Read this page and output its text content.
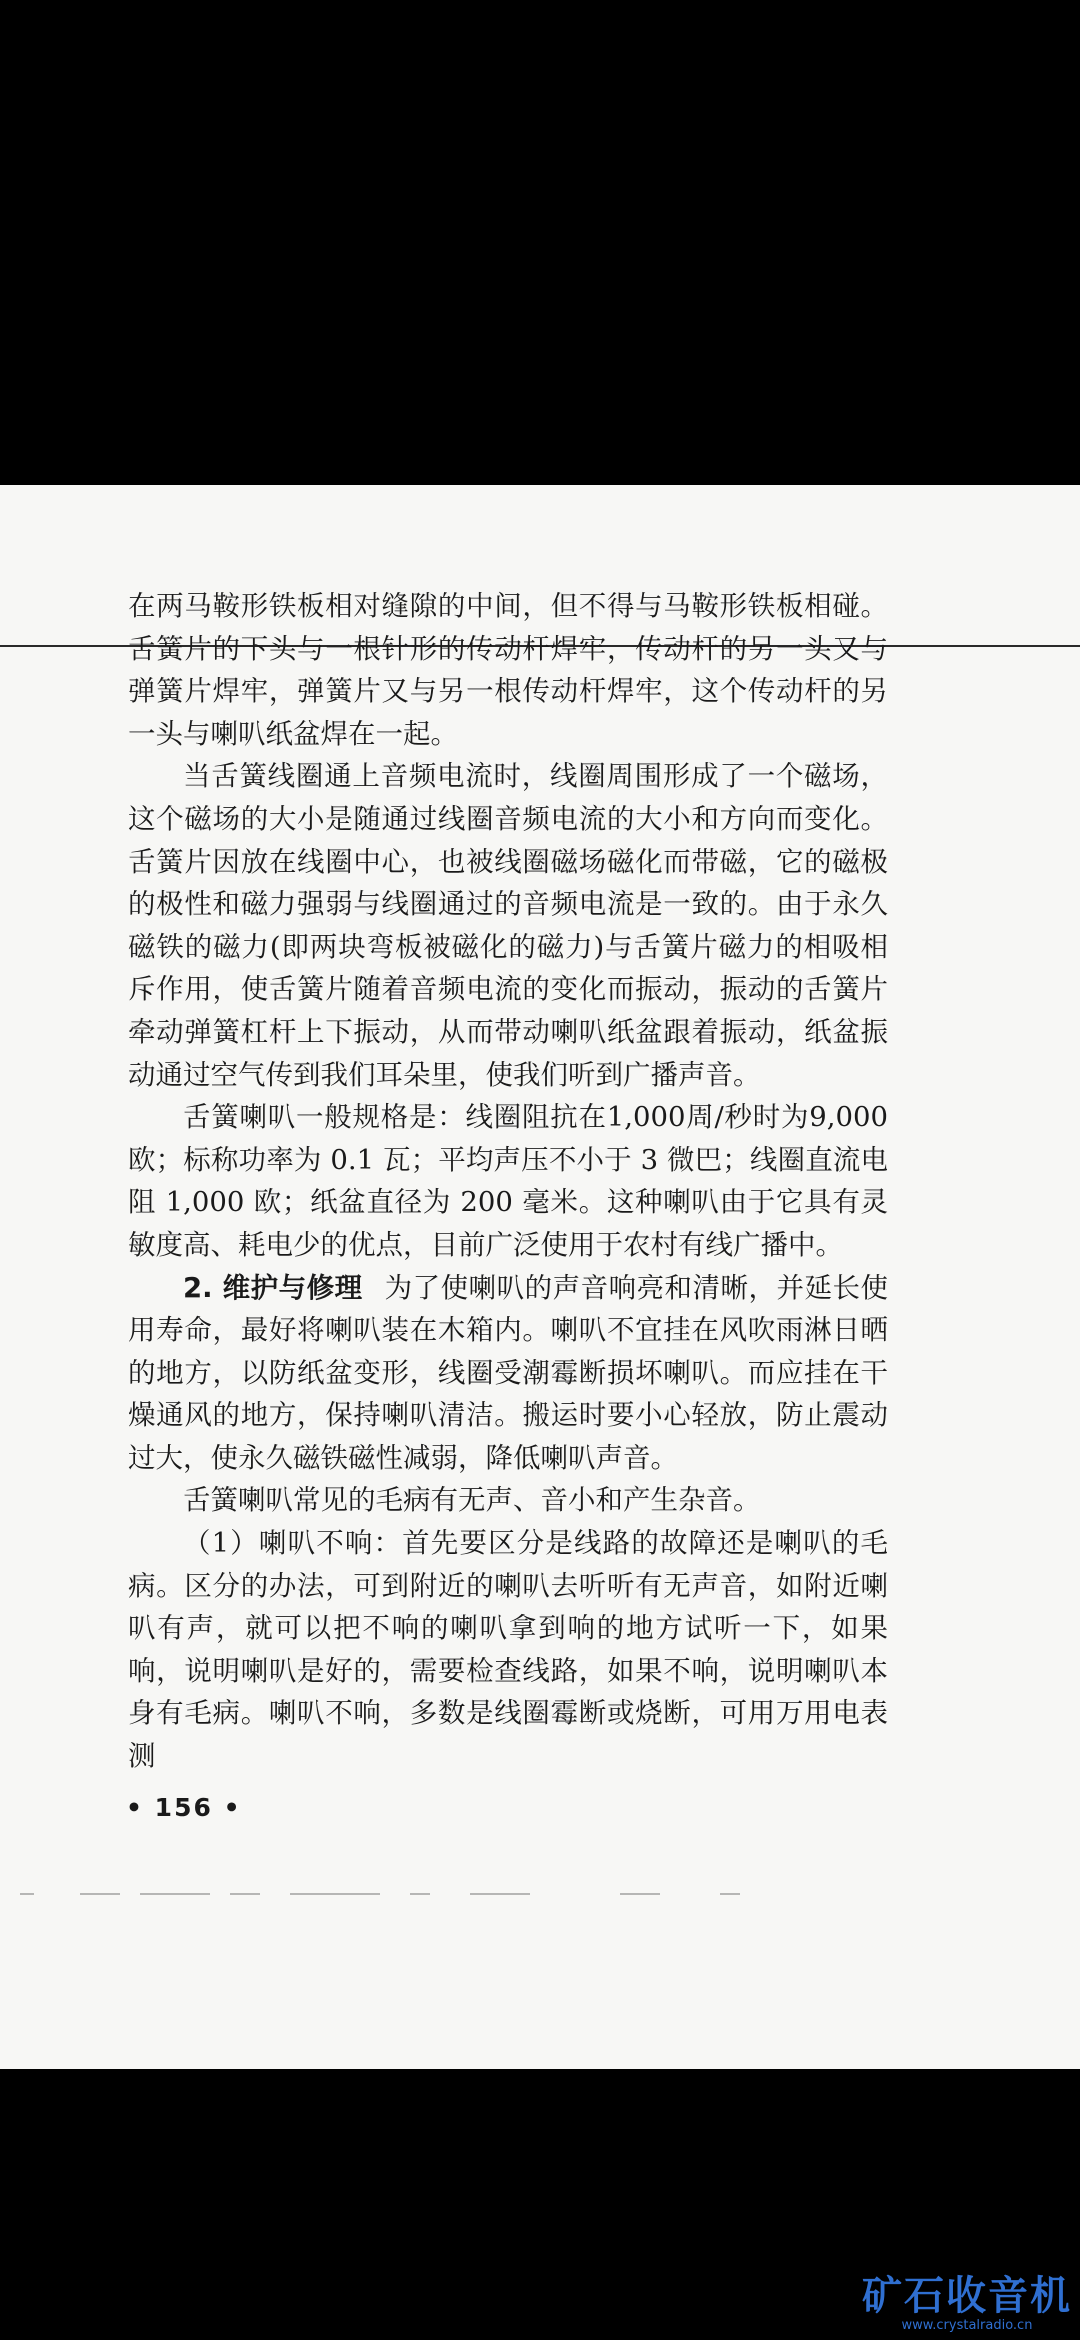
在两马鞍形铁板相对缝隙的中间，但不得与马鞍形铁板相碰。舌簧片的下头与一根针形的传动杆焊牢，传动杆的另一头又与弹簧片焊牢，弹簧片又与另一根传动杆焊牢，这个传动杆的另一头与喇叭纸盆焊在一起。

当舌簧线圈通上音频电流时，线圈周围形成了一个磁场，这个磁场的大小是随通过线圈音频电流的大小和方向而变化。舌簧片因放在线圈中心，也被线圈磁场磁化而带磁，它的磁极的极性和磁力强弱与线圈通过的音频电流是一致的。由于永久磁铁的磁力(即两块弯板被磁化的磁力)与舌簧片磁力的相吸相斥作用，使舌簧片随着音频电流的变化而振动，振动的舌簧片牵动弹簧杠杆上下振动，从而带动喇叭纸盆跟着振动，纸盆振动通过空气传到我们耳朵里，使我们听到广播声音。

舌簧喇叭一般规格是：线圈阻抗在1,000周/秒时为9,000欧；标称功率为 0.1 瓦；平均声压不小于 3 微巴；线圈直流电阻 1,000 欧；纸盆直径为 200 毫米。这种喇叭由于它具有灵敏度高、耗电少的优点，目前广泛使用于农村有线广播中。

2. 维护与修理 为了使喇叭的声音响亮和清晰，并延长使用寿命，最好将喇叭装在木箱内。喇叭不宜挂在风吹雨淋日晒的地方，以防纸盆变形，线圈受潮霉断损坏喇叭。而应挂在干燥通风的地方，保持喇叭清洁。搬运时要小心轻放，防止震动过大，使永久磁铁磁性减弱，降低喇叭声音。

舌簧喇叭常见的毛病有无声、音小和产生杂音。

（1）喇叭不响：首先要区分是线路的故障还是喇叭的毛病。区分的办法，可到附近的喇叭去听听有无声音，如附近喇叭有声，就可以把不响的喇叭拿到响的地方试听一下，如果响，说明喇叭是好的，需要检查线路，如果不响，说明喇叭本身有毛病。喇叭不响，多数是线圈霉断或烧断，可用万用电表测

• 156 •
矿石收音机
www.crystalradio.cn
